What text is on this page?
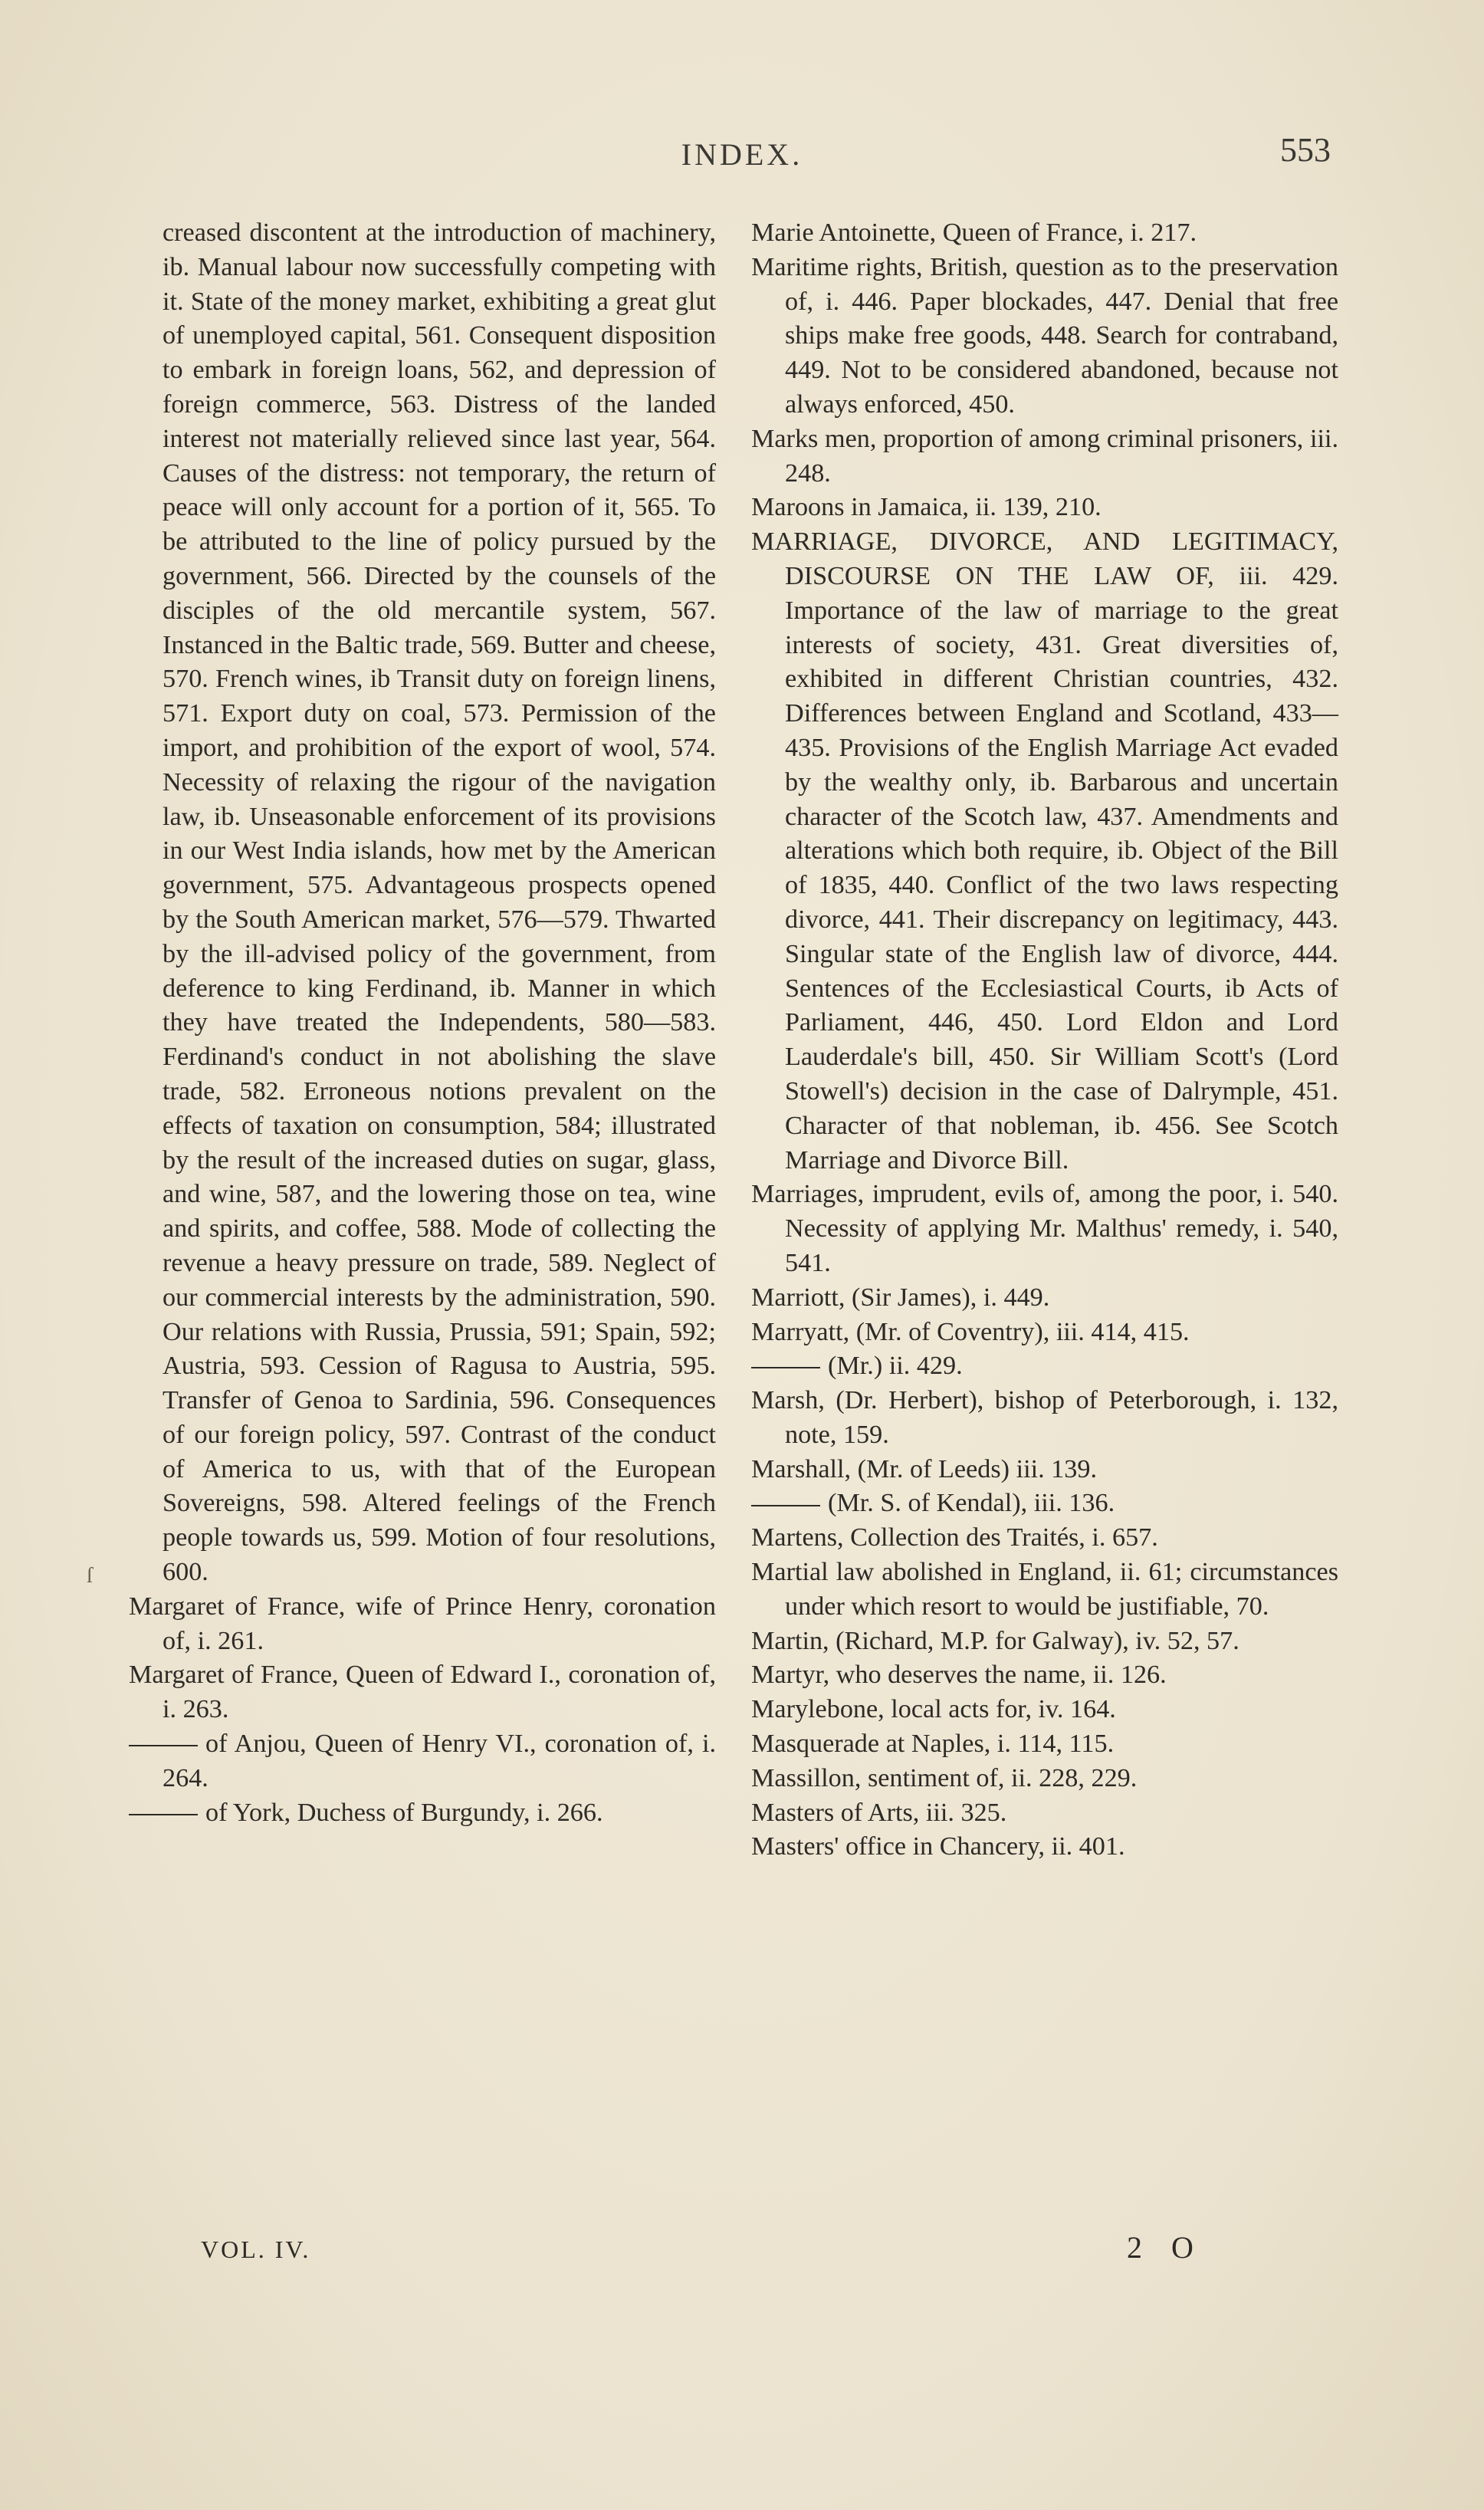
INDEX.	553

creased discontent at the introduction of machinery, ib. Manual labour now successfully competing with it. State of the money market, exhibiting a great glut of unemployed capital, 561. Consequent disposition to embark in foreign loans, 562, and depression of foreign commerce, 563. Distress of the landed interest not materially relieved since last year, 564. Causes of the distress: not temporary, the return of peace will only account for a portion of it, 565. To be attributed to the line of policy pursued by the government, 566. Directed by the counsels of the disciples of the old mercantile system, 567. Instanced in the Baltic trade, 569. Butter and cheese, 570. French wines, ib Transit duty on foreign linens, 571. Export duty on coal, 573. Permission of the import, and prohibition of the export of wool, 574. Necessity of relaxing the rigour of the navigation law, ib. Unseasonable enforcement of its provisions in our West India islands, how met by the American government, 575. Advantageous prospects opened by the South American market, 576—579. Thwarted by the ill-advised policy of the government, from deference to king Ferdinand, ib. Manner in which they have treated the Independents, 580—583. Ferdinand's conduct in not abolishing the slave trade, 582. Erroneous notions prevalent on the effects of taxation on consumption, 584; illustrated by the result of the increased duties on sugar, glass, and wine, 587, and the lowering those on tea, wine and spirits, and coffee, 588. Mode of collecting the revenue a heavy pressure on trade, 589. Neglect of our commercial interests by the administration, 590. Our relations with Russia, Prussia, 591; Spain, 592; Austria, 593. Cession of Ragusa to Austria, 595. Transfer of Genoa to Sardinia, 596. Consequences of our foreign policy, 597. Contrast of the conduct of America to us, with that of the European Sovereigns, 598. Altered feelings of the French people towards us, 599. Motion of four resolutions, 600.

Margaret of France, wife of Prince Henry, coronation of, i. 261.

Margaret of France, Queen of Edward I., coronation of, i. 263.

of Anjou, Queen of Henry VI., coronation of, i. 264.

of York, Duchess of Burgundy, i. 266.

Marie Antoinette, Queen of France, i. 217.

Maritime rights, British, question as to the preservation of, i. 446. Paper blockades, 447. Denial that free ships make free goods, 448. Search for contraband, 449. Not to be considered abandoned, because not always enforced, 450.

Marks men, proportion of among criminal prisoners, iii. 248.

Maroons in Jamaica, ii. 139, 210.

MARRIAGE, DIVORCE, AND LEGITIMACY, DISCOURSE ON THE LAW OF, iii. 429. Importance of the law of marriage to the great interests of society, 431. Great diversities of, exhibited in different Christian countries, 432. Differences between England and Scotland, 433—435. Provisions of the English Marriage Act evaded by the wealthy only, ib. Barbarous and uncertain character of the Scotch law, 437. Amendments and alterations which both require, ib. Object of the Bill of 1835, 440. Conflict of the two laws respecting divorce, 441. Their discrepancy on legitimacy, 443. Singular state of the English law of divorce, 444. Sentences of the Ecclesiastical Courts, ib Acts of Parliament, 446, 450. Lord Eldon and Lord Lauderdale's bill, 450. Sir William Scott's (Lord Stowell's) decision in the case of Dalrymple, 451. Character of that nobleman, ib. 456. See Scotch Marriage and Divorce Bill.

Marriages, imprudent, evils of, among the poor, i. 540. Necessity of applying Mr. Malthus' remedy, i. 540, 541.

Marriott, (Sir James), i. 449.

Marryatt, (Mr. of Coventry), iii. 414, 415.

(Mr.) ii. 429.

Marsh, (Dr. Herbert), bishop of Peterborough, i. 132, note, 159.

Marshall, (Mr. of Leeds) iii. 139.

(Mr. S. of Kendal), iii. 136.

Martens, Collection des Traités, i. 657.

Martial law abolished in England, ii. 61; circumstances under which resort to would be justifiable, 70.

Martin, (Richard, M.P. for Galway), iv. 52, 57.

Martyr, who deserves the name, ii. 126.

Marylebone, local acts for, iv. 164.

Masquerade at Naples, i. 114, 115.

Massillon, sentiment of, ii. 228, 229.

Masters of Arts, iii. 325.

Masters' office in Chancery, ii. 401.

ſ
VOL. IV.	2 O
